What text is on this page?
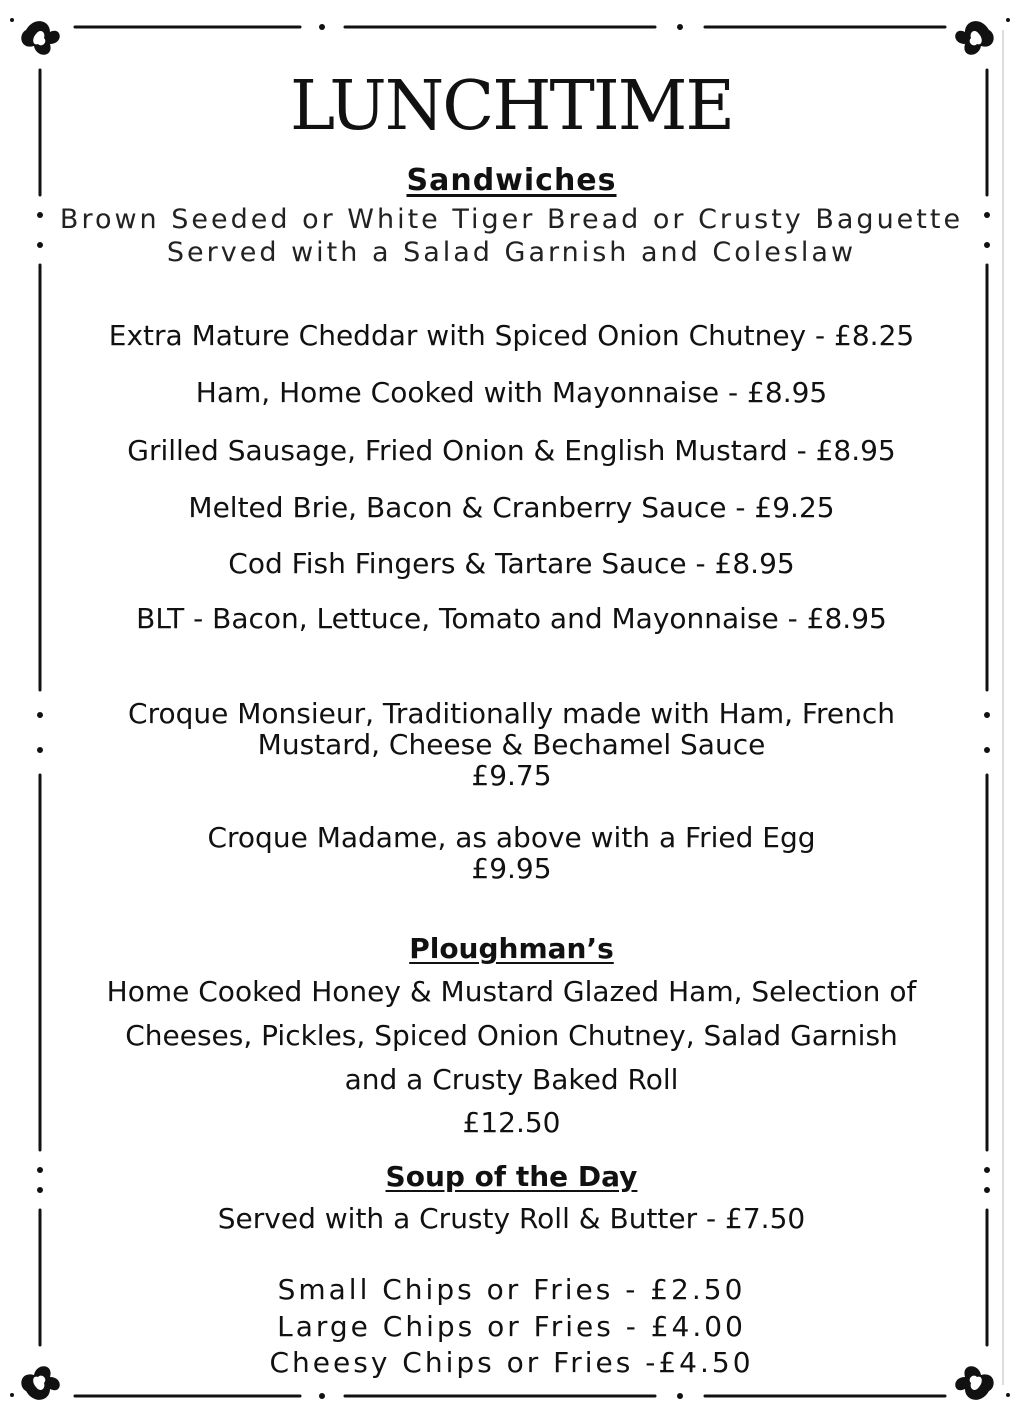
LUNCHTIME
Sandwiches
Brown Seeded or White Tiger Bread or Crusty Baguette
Served with a Salad Garnish and Coleslaw
Extra Mature Cheddar with Spiced Onion Chutney - £8.25
Ham, Home Cooked with Mayonnaise - £8.95
Grilled Sausage, Fried Onion & English Mustard - £8.95
Melted Brie, Bacon & Cranberry Sauce - £9.25
Cod Fish Fingers & Tartare Sauce - £8.95
BLT - Bacon, Lettuce, Tomato and Mayonnaise - £8.95
Croque Monsieur, Traditionally made with Ham, French
Mustard, Cheese & Bechamel Sauce
£9.75
Croque Madame, as above with a Fried Egg
£9.95
Ploughman’s
Home Cooked Honey & Mustard Glazed Ham, Selection of
Cheeses, Pickles, Spiced Onion Chutney, Salad Garnish
and a Crusty Baked Roll
£12.50
Soup of the Day
Served with a Crusty Roll & Butter - £7.50
Small Chips or Fries - £2.50
Large Chips or Fries - £4.00
Cheesy Chips or Fries -£4.50
